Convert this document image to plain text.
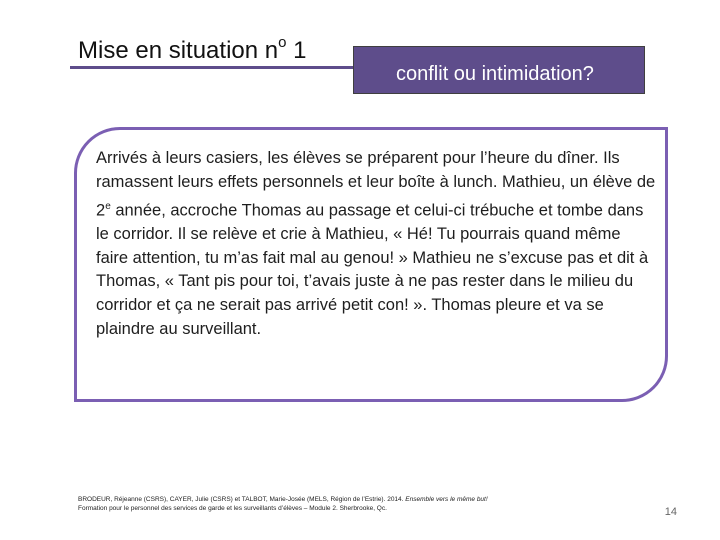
Mise en situation $n^o$ 1
conflit ou intimidation?
Arrivés à leurs casiers, les élèves se préparent pour l’heure du dîner. Ils ramassent leurs effets personnels et leur boîte à lunch. Mathieu, un élève de 2e année, accroche Thomas au passage et celui-ci trébuche et tombe dans le corridor. Il se relève et crie à Mathieu, « Hé! Tu pourrais quand même faire attention, tu m’as fait mal au genou! » Mathieu ne s’excuse pas et dit à Thomas, « Tant pis pour toi, t’avais juste à ne pas rester dans le milieu du corridor et ça ne serait pas arrivé petit con! ». Thomas pleure et va se plaindre au surveillant.
BRODEUR, Réjeanne (CSRS), CAYER, Julie (CSRS) et TALBOT, Marie-Josée (MELS, Région de l’Estrie). 2014. Ensemble vers le même but!
Formation pour le personnel des services de garde et les surveillants d’élèves – Module 2. Sherbrooke, Qc.	14
